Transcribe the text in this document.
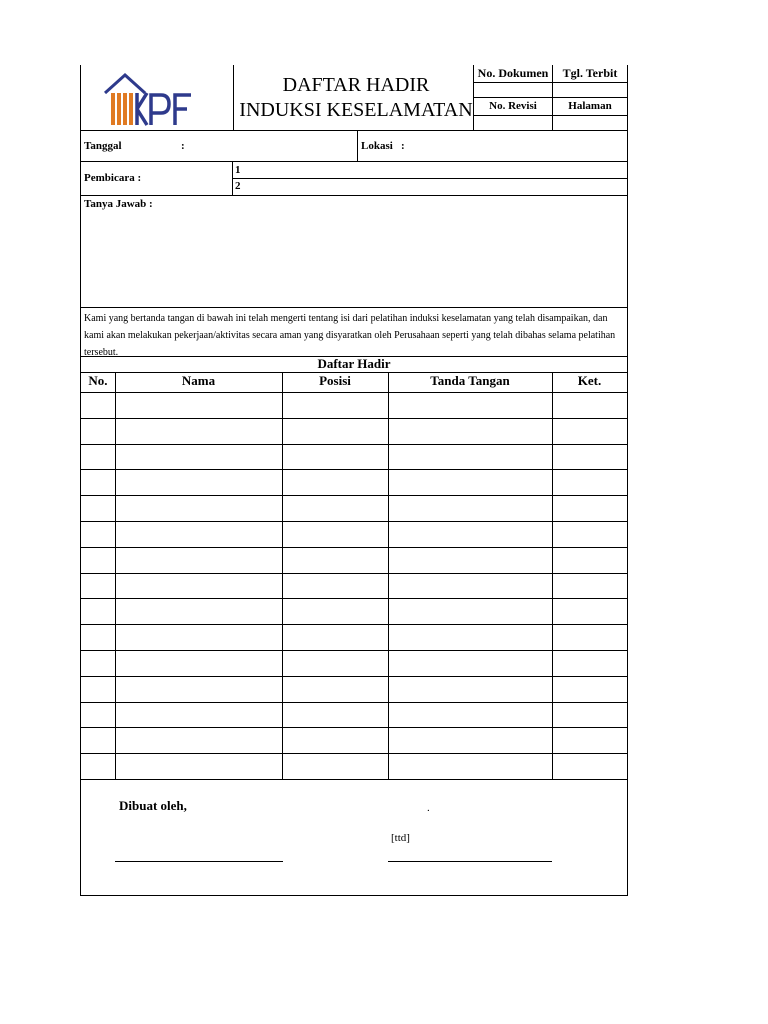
DAFTAR HADIR
INDUKSI KESELAMATAN
No. Dokumen	Tgl. Terbit
No. Revisi	Halaman
Tanggal	:	Lokasi :
Pembicara :
1
2
Tanya Jawab :
Kami yang bertanda tangan di bawah ini telah mengerti tentang isi dari pelatihan induksi keselamatan yang telah disampaikan, dan kami akan melakukan pekerjaan/aktivitas secara aman yang disyaratkan oleh Perusahaan seperti yang telah dibahas selama pelatihan tersebut.
Daftar Hadir
No.	Nama	Posisi	Tanda Tangan	Ket.
Dibuat oleh,	.
[ttd]
